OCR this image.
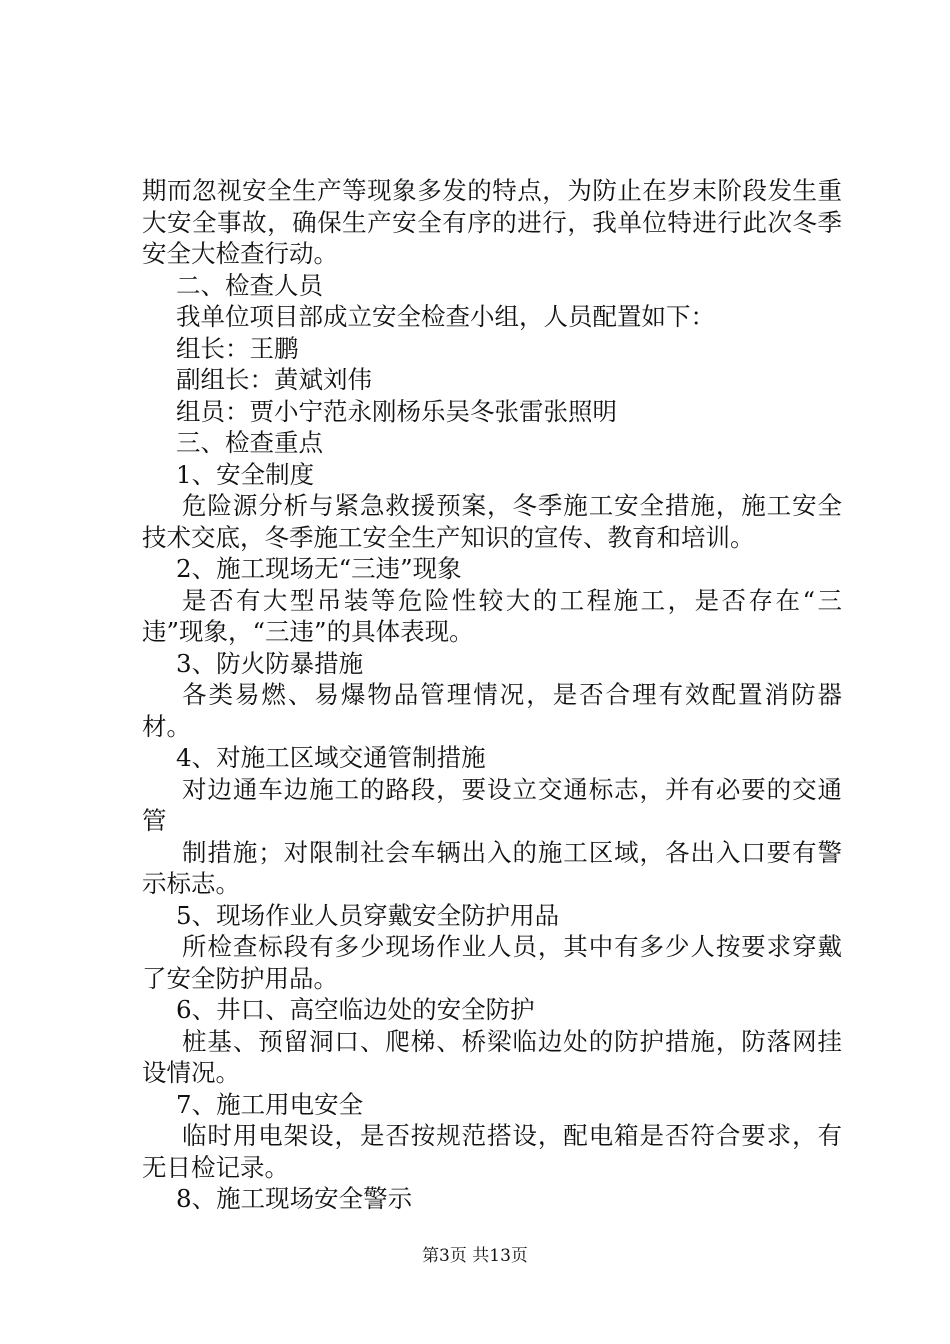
期而忽视安全生产等现象多发的特点，为防止在岁末阶段发生重大安全事故，确保生产安全有序的进行，我单位特进行此次冬季安全大检查行动。

二、检查人员

我单位项目部成立安全检查小组，人员配置如下：

组长：王鹏

副组长：黄斌刘伟

组员：贾小宁范永刚杨乐吴冬张雷张照明

三、检查重点

1、安全制度

危险源分析与紧急救援预案，冬季施工安全措施，施工安全技术交底，冬季施工安全生产知识的宣传、教育和培训。

2、施工现场无“三违”现象

是否有大型吊装等危险性较大的工程施工，是否存在“三违”现象，“三违”的具体表现。

3、防火防暴措施

各类易燃、易爆物品管理情况，是否合理有效配置消防器材。

4、对施工区域交通管制措施

对边通车边施工的路段，要设立交通标志，并有必要的交通管

制措施；对限制社会车辆出入的施工区域，各出入口要有警示标志。

5、现场作业人员穿戴安全防护用品

所检查标段有多少现场作业人员，其中有多少人按要求穿戴了安全防护用品。

6、井口、高空临边处的安全防护

桩基、预留洞口、爬梯、桥梁临边处的防护措施，防落网挂设情况。

7、施工用电安全

临时用电架设，是否按规范搭设，配电箱是否符合要求，有无日检记录。

8、施工现场安全警示

第3页 共13页
